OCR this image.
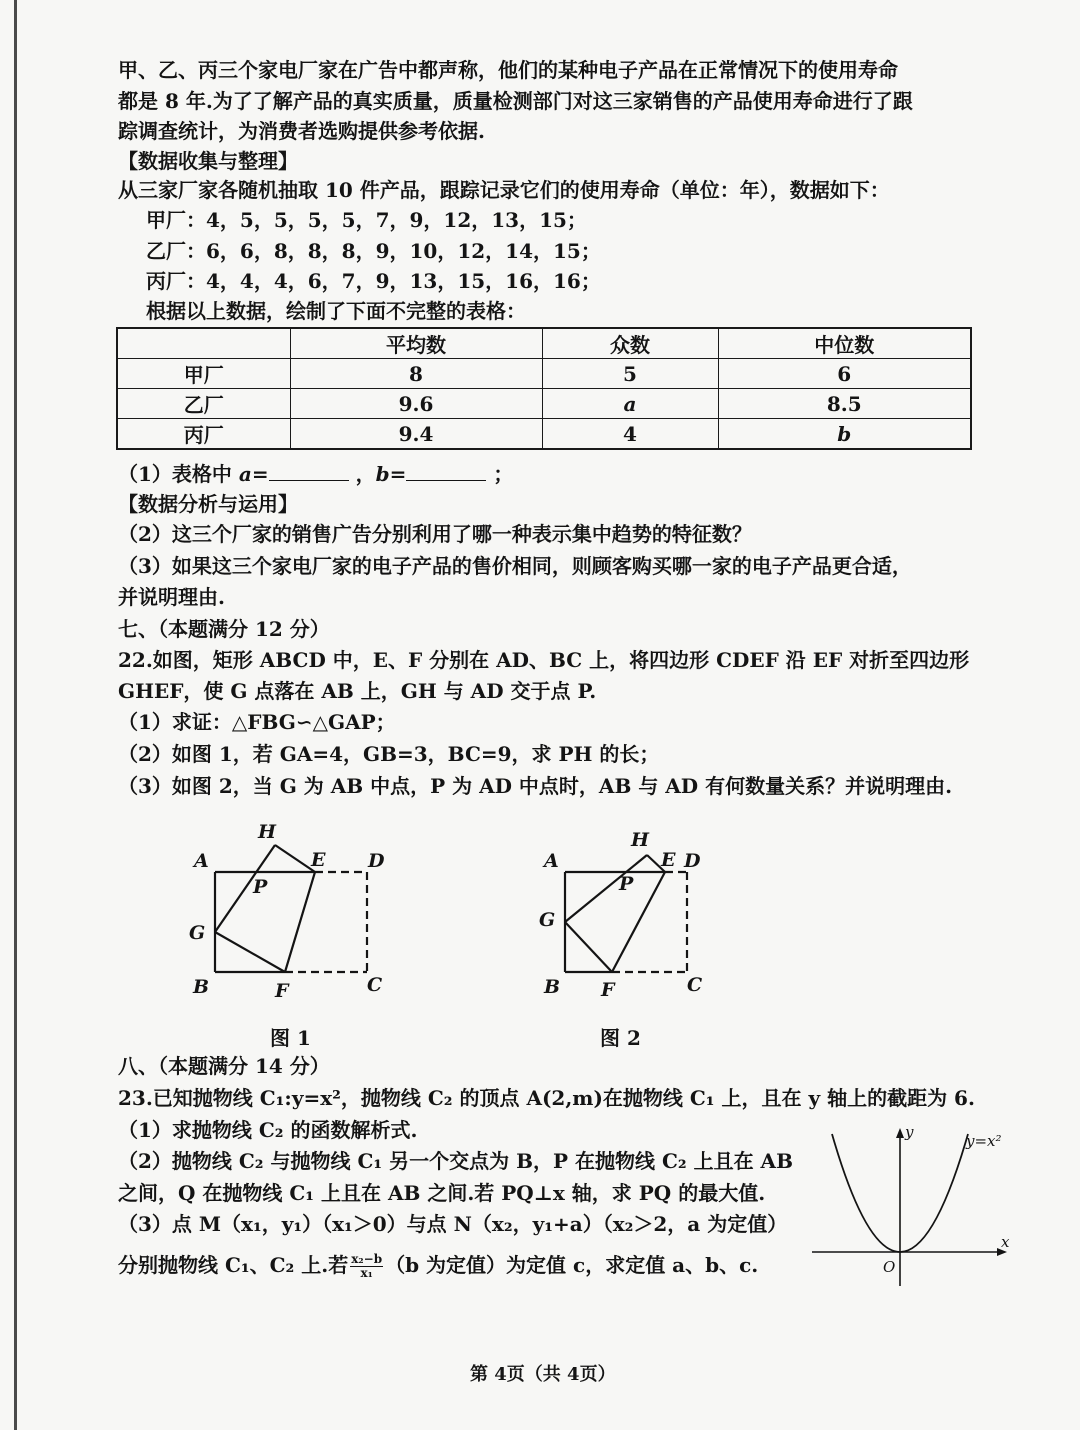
甲、乙、丙三个家电厂家在广告中都声称，他们的某种电子产品在正常情况下的使用寿命
都是 8 年.为了了解产品的真实质量，质量检测部门对这三家销售的产品使用寿命进行了跟
踪调查统计，为消费者选购提供参考依据.
【数据收集与整理】
从三家厂家各随机抽取 10 件产品，跟踪记录它们的使用寿命（单位：年），数据如下：
甲厂：4，5，5，5，5，7，9，12，13，15；
乙厂：6，6，8，8，8，9，10，12，14，15；
丙厂：4，4，4，6，7，9，13，15，16，16；
根据以上数据，绘制了下面不完整的表格：
	平均数	众数	中位数
甲厂	8	5	6
乙厂	9.6	a	8.5
丙厂	9.4	4	b
（1）表格中 a=	，b=	；
【数据分析与运用】
（2）这三个厂家的销售广告分别利用了哪一种表示集中趋势的特征数？
（3）如果这三个家电厂家的电子产品的售价相同，则顾客购买哪一家的电子产品更合适，
并说明理由.
七、（本题满分 12 分）
22.如图，矩形 ABCD 中，E、F 分别在 AD、BC 上，将四边形 CDEF 沿 EF 对折至四边形
GHEF，使 G 点落在 AB 上，GH 与 AD 交于点 P.
（1）求证：△FBG∽△GAP；
（2）如图 1，若 GA=4，GB=3，BC=9，求 PH 的长；
（3）如图 2，当 G 为 AB 中点，P 为 AD 中点时，AB 与 AD 有何数量关系？并说明理由.
H
A	E D
P
G
B	F	C
图 1
H
A	E D
P
G
B F	C
图 2
八、（本题满分 14 分）
23.已知抛物线 C₁:y=x²，抛物线 C₂ 的顶点 A(2,m)在抛物线 C₁ 上，且在 y 轴上的截距为 6.
（1）求抛物线 C₂ 的函数解析式.
（2）抛物线 C₂ 与抛物线 C₁ 另一个交点为 B，P 在抛物线 C₂ 上且在 AB
之间，Q 在抛物线 C₁ 上且在 AB 之间.若 PQ⊥x 轴，求 PQ 的最大值.
（3）点 M（x₁，y₁）（x₁＞0）与点 N（x₂，y₁+a）（x₂＞2，a 为定值）
分别抛物线 C₁、C₂ 上.若 $\frac{\text{x₂−b}}{\text{x₁}} (b$ 为定值）为定值 c，求定值 a、b、c.
y
x
O
y=x²
第 4页（共 4页）
